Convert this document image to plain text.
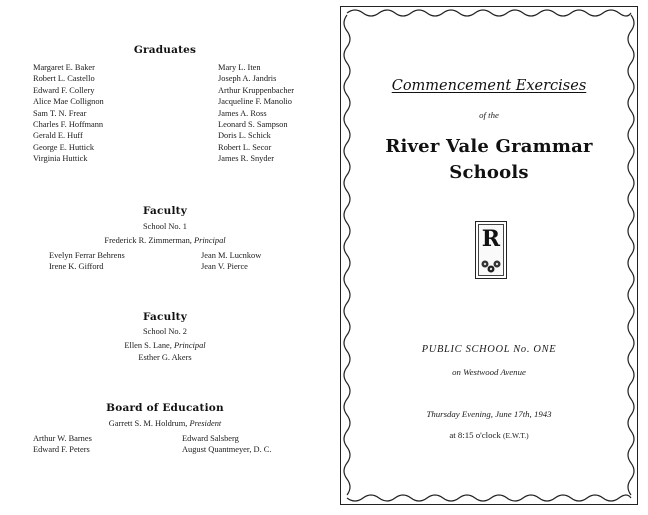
Graduates
Margaret E. Baker
Robert L. Castello
Edward F. Collery
Alice Mae Collignon
Sam T. N. Frear
Charles F. Hoffmann
Gerald E. Huff
George E. Huttick
Virginia Huttick
Mary L. Iten
Joseph A. Jandris
Arthur Kruppenbacher
Jacqueline F. Manolio
James A. Ross
Leonard S. Sampson
Doris L. Schick
Robert L. Secor
James R. Snyder
Faculty
School No. 1
Frederick R. Zimmerman, Principal
Evelyn Ferrar Behrens
Irene K. Gifford
Jean M. Lucnkow
Jean V. Pierce
Faculty
School No. 2
Ellen S. Lane, Principal
Esther G. Akers
Board of Education
Garrett S. M. Holdrum, President
Arthur W. Barnes
Edward F. Peters
Edward Salsberg
August Quantmeyer, D. C.
Commencement Exercises
of the
River Vale Grammar
Schools
R
PUBLIC SCHOOL No. ONE
on Westwood Avenue
Thursday Evening, June 17th, 1943
at 8:15 o'clock (E.W.T.)
